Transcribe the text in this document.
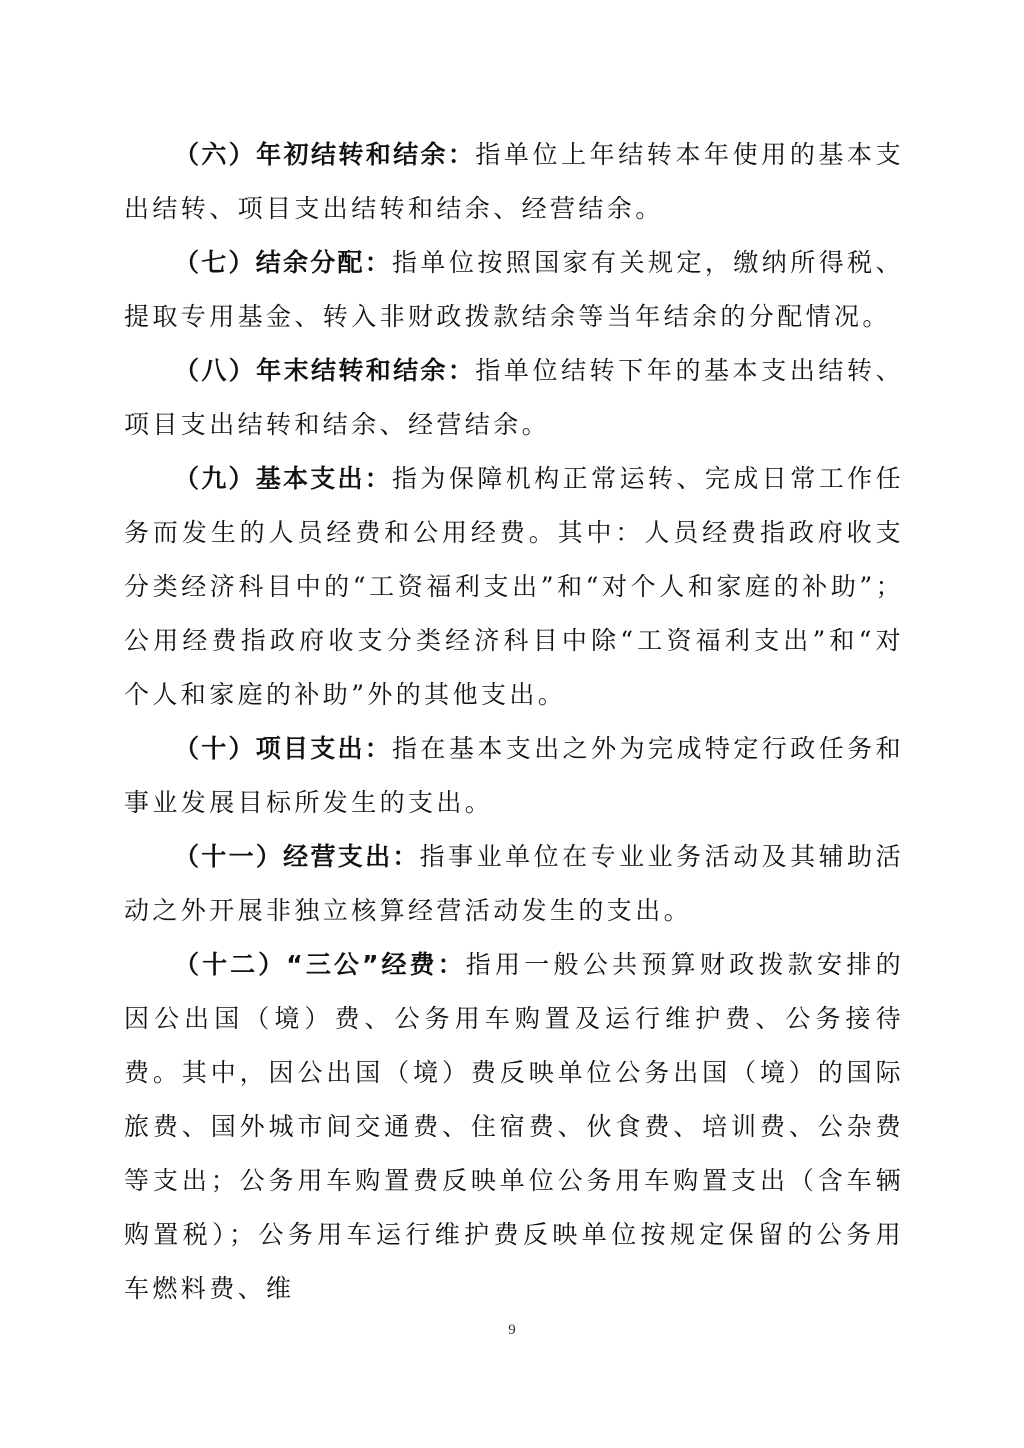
（六）年初结转和结余：指单位上年结转本年使用的基本支出结转、项目支出结转和结余、经营结余。

（七）结余分配：指单位按照国家有关规定，缴纳所得税、提取专用基金、转入非财政拨款结余等当年结余的分配情况。

（八）年末结转和结余：指单位结转下年的基本支出结转、项目支出结转和结余、经营结余。

（九）基本支出：指为保障机构正常运转、完成日常工作任务而发生的人员经费和公用经费。其中：人员经费指政府收支分类经济科目中的“工资福利支出”和“对个人和家庭的补助”；公用经费指政府收支分类经济科目中除“工资福利支出”和“对个人和家庭的补助”外的其他支出。

（十）项目支出：指在基本支出之外为完成特定行政任务和事业发展目标所发生的支出。

（十一）经营支出：指事业单位在专业业务活动及其辅助活动之外开展非独立核算经营活动发生的支出。

（十二）“三公”经费：指用一般公共预算财政拨款安排的因公出国（境）费、公务用车购置及运行维护费、公务接待费。其中，因公出国（境）费反映单位公务出国（境）的国际旅费、国外城市间交通费、住宿费、伙食费、培训费、公杂费等支出；公务用车购置费反映单位公务用车购置支出（含车辆购置税）；公务用车运行维护费反映单位按规定保留的公务用车燃料费、维

9
